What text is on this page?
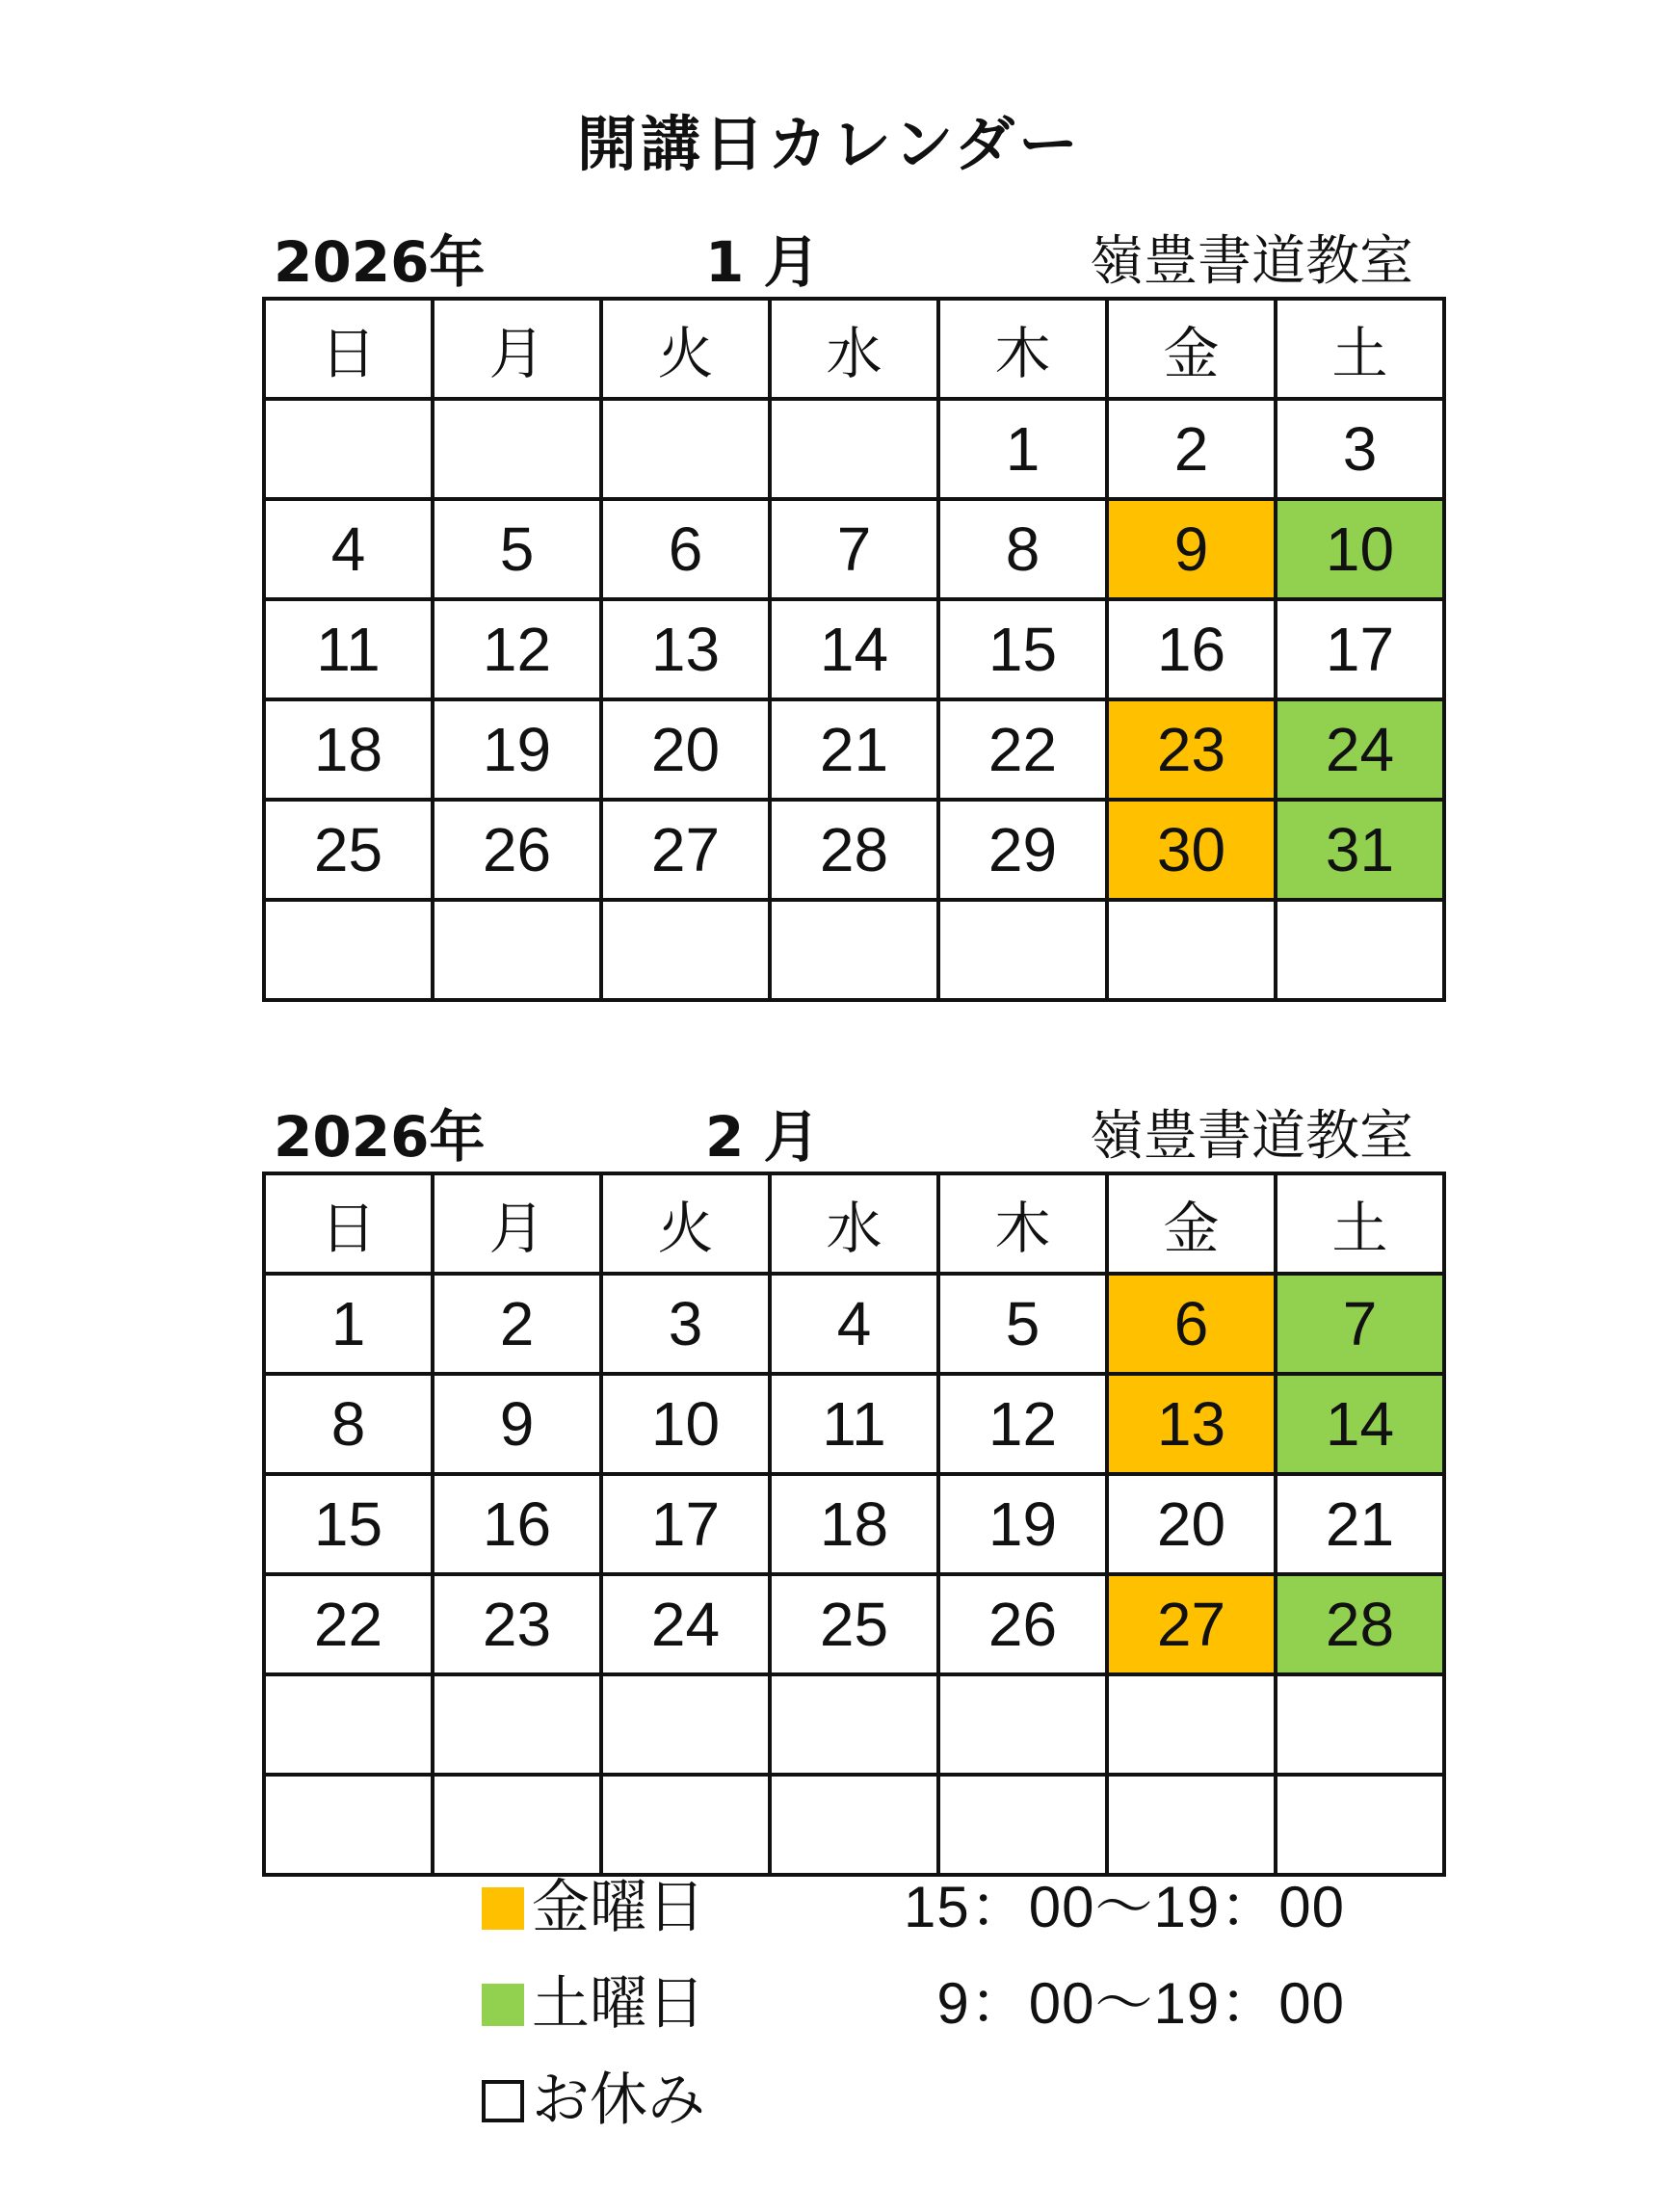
開講日カレンダー
2026年	1 月	嶺豊書道教室
日	月	火	水	木	金	土
				1	2	3
4	5	6	7	8	9	10
11	12	13	14	15	16	17
18	19	20	21	22	23	24
25	26	27	28	29	30	31

2026年	2 月	嶺豊書道教室
日	月	火	水	木	金	土
1	2	3	4	5	6	7
8	9	10	11	12	13	14
15	16	17	18	19	20	21
22	23	24	25	26	27	28

金曜日	15：00～19：00
土曜日	9：00～19：00
お休み
